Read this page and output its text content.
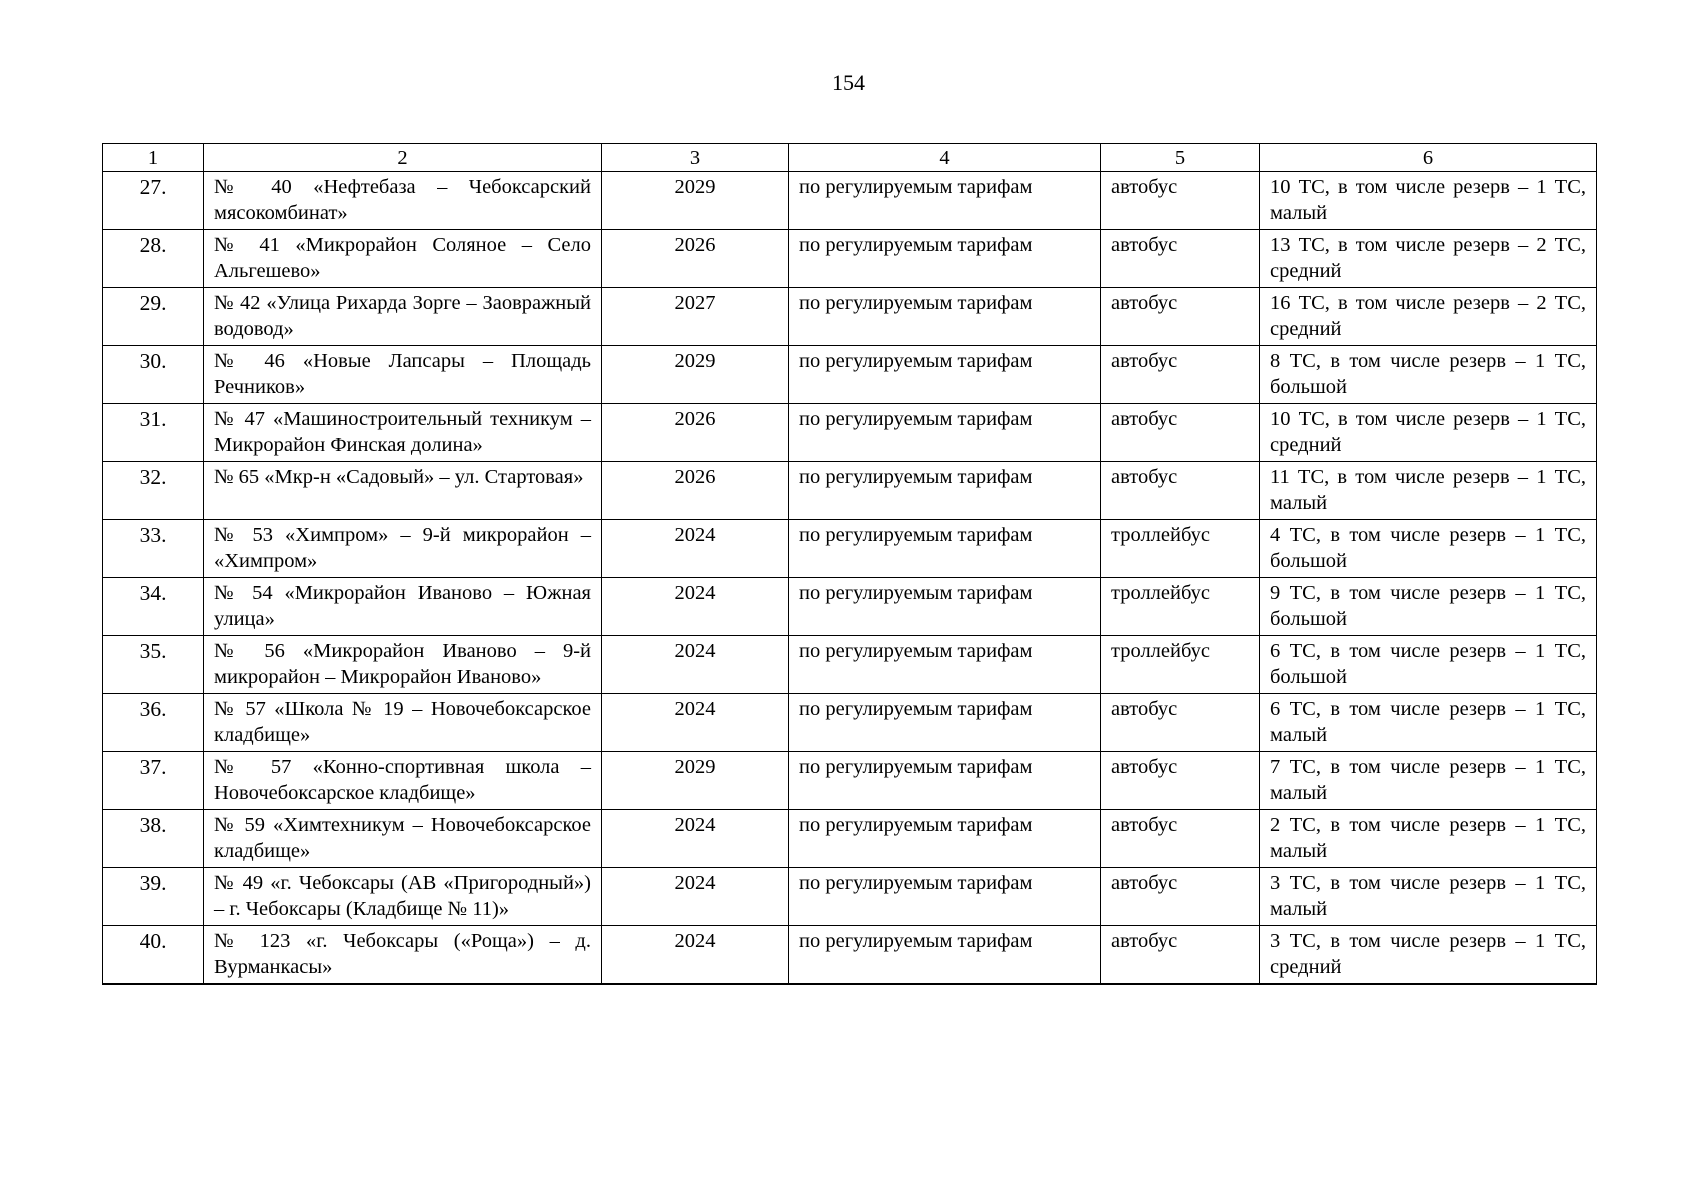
154
1	2	3	4	5	6
27.	№ 40 «Нефтебаза – Чебоксарский мясокомбинат»	2029	по регулируемым тарифам	автобус	10 ТС, в том числе резерв – 1 ТС, малый
28.	№ 41 «Микрорайон Соляное – Село Альгешево»	2026	по регулируемым тарифам	автобус	13 ТС, в том числе резерв – 2 ТС, средний
29.	№ 42 «Улица Рихарда Зорге – Заовражный водовод»	2027	по регулируемым тарифам	автобус	16 ТС, в том числе резерв – 2 ТС, средний
30.	№ 46 «Новые Лапсары – Площадь Речников»	2029	по регулируемым тарифам	автобус	8 ТС, в том числе резерв – 1 ТС, большой
31.	№ 47 «Машиностроительный техникум – Микрорайон Финская долина»	2026	по регулируемым тарифам	автобус	10 ТС, в том числе резерв – 1 ТС, средний
32.	№ 65 «Мкр-н «Садовый» – ул. Стартовая»	2026	по регулируемым тарифам	автобус	11 ТС, в том числе резерв – 1 ТС, малый
33.	№ 53 «Химпром» – 9-й микрорайон – «Химпром»	2024	по регулируемым тарифам	троллейбус	4 ТС, в том числе резерв – 1 ТС, большой
34.	№ 54 «Микрорайон Иваново – Южная улица»	2024	по регулируемым тарифам	троллейбус	9 ТС, в том числе резерв – 1 ТС, большой
35.	№ 56 «Микрорайон Иваново – 9-й микрорайон – Микрорайон Иваново»	2024	по регулируемым тарифам	троллейбус	6 ТС, в том числе резерв – 1 ТС, большой
36.	№ 57 «Школа № 19 – Новочебоксарское кладбище»	2024	по регулируемым тарифам	автобус	6 ТС, в том числе резерв – 1 ТС, малый
37.	№ 57 «Конно-спортивная школа – Новочебоксарское кладбище»	2029	по регулируемым тарифам	автобус	7 ТС, в том числе резерв – 1 ТС, малый
38.	№ 59 «Химтехникум – Новочебоксарское кладбище»	2024	по регулируемым тарифам	автобус	2 ТС, в том числе резерв – 1 ТС, малый
39.	№ 49 «г. Чебоксары (АВ «Пригородный») – г. Чебоксары (Кладбище № 11)»	2024	по регулируемым тарифам	автобус	3 ТС, в том числе резерв – 1 ТС, малый
40.	№ 123 «г. Чебоксары («Роща») – д. Вурманкасы»	2024	по регулируемым тарифам	автобус	3 ТС, в том числе резерв – 1 ТС, средний
